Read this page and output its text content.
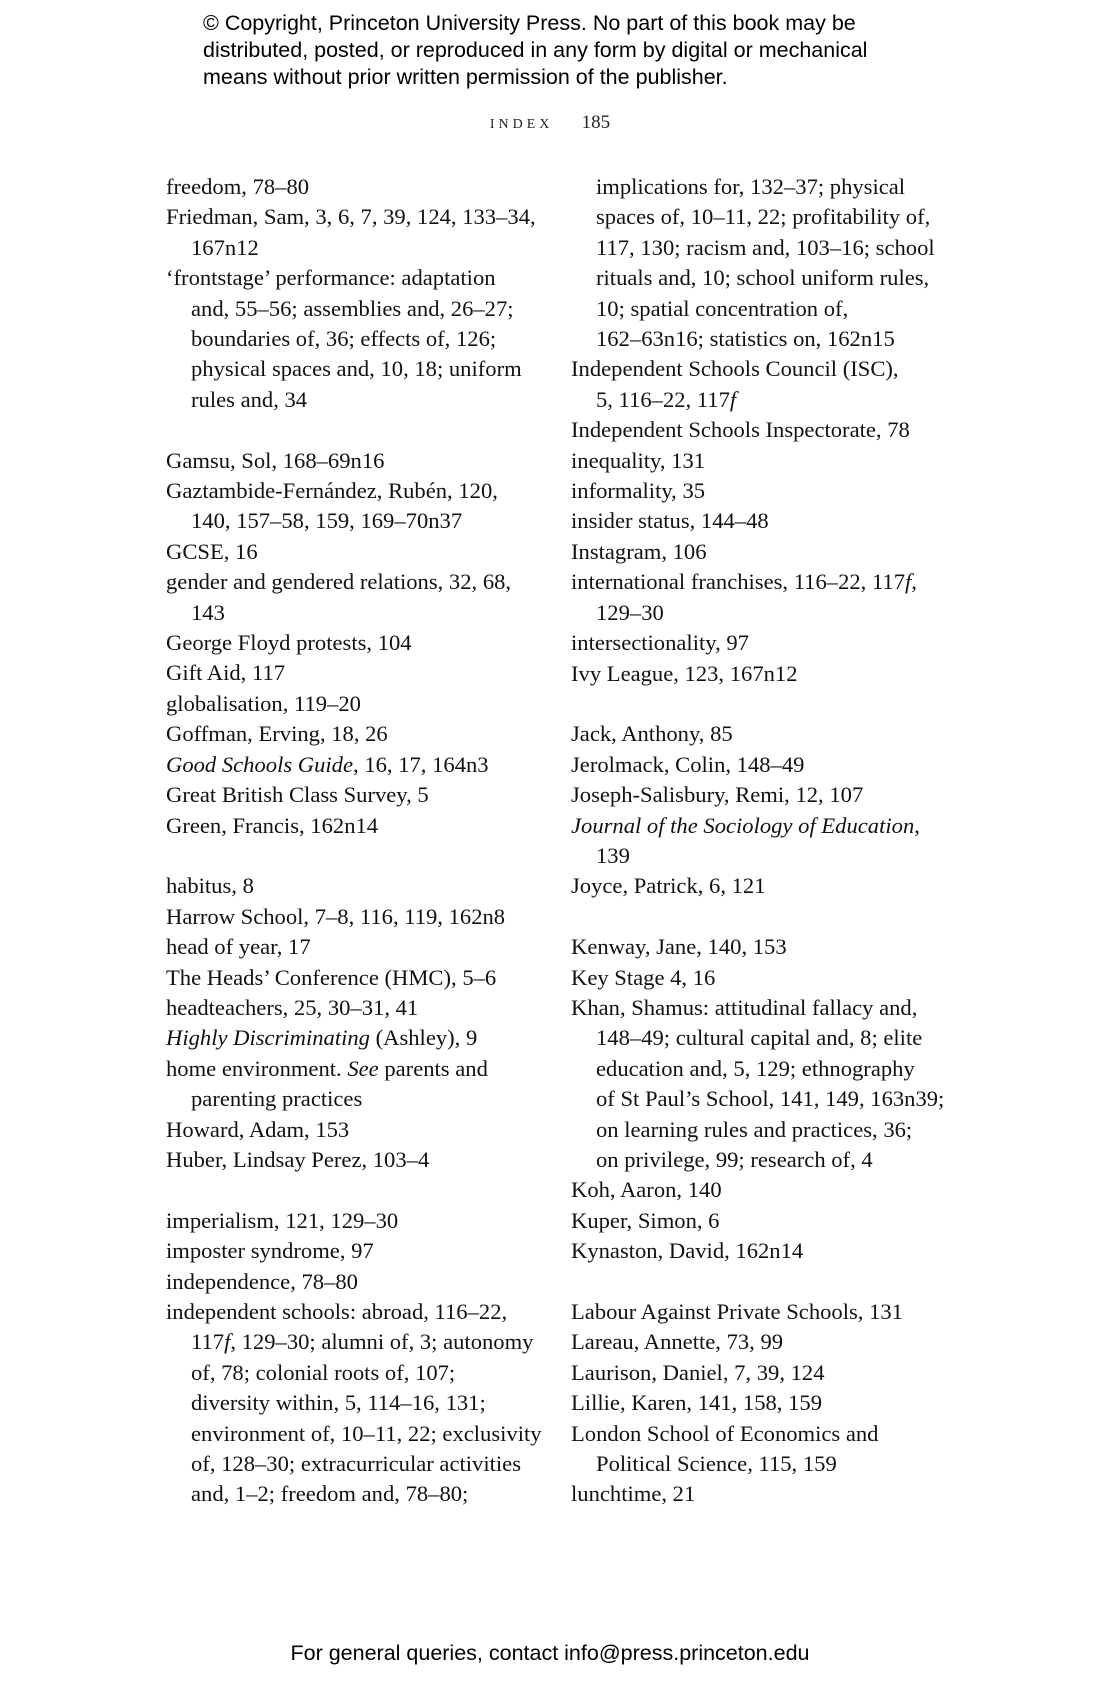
© Copyright, Princeton University Press. No part of this book may be
distributed, posted, or reproduced in any form by digital or mechanical
means without prior written permission of the publisher.
INDEX 185
freedom, 78–80
Friedman, Sam, 3, 6, 7, 39, 124, 133–34,
167n12
‘frontstage’ performance: adaptation
and, 55–56; assemblies and, 26–27;
boundaries of, 36; effects of, 126;
physical spaces and, 10, 18; uniform
rules and, 34
Gamsu, Sol, 168–69n16
Gaztambide-Fernández, Rubén, 120,
140, 157–58, 159, 169–70n37
GCSE, 16
gender and gendered relations, 32, 68,
143
George Floyd protests, 104
Gift Aid, 117
globalisation, 119–20
Goffman, Erving, 18, 26
Good Schools Guide, 16, 17, 164n3
Great British Class Survey, 5
Green, Francis, 162n14
habitus, 8
Harrow School, 7–8, 116, 119, 162n8
head of year, 17
The Heads’ Conference (HMC), 5–6
headteachers, 25, 30–31, 41
Highly Discriminating (Ashley), 9
home environment. See parents and
parenting practices
Howard, Adam, 153
Huber, Lindsay Perez, 103–4
imperialism, 121, 129–30
imposter syndrome, 97
independence, 78–80
independent schools: abroad, 116–22,
117f, 129–30; alumni of, 3; autonomy
of, 78; colonial roots of, 107;
diversity within, 5, 114–16, 131;
environment of, 10–11, 22; exclusivity
of, 128–30; extracurricular activities
and, 1–2; freedom and, 78–80;
implications for, 132–37; physical
spaces of, 10–11, 22; profitability of,
117, 130; racism and, 103–16; school
rituals and, 10; school uniform rules,
10; spatial concentration of,
162–63n16; statistics on, 162n15
Independent Schools Council (ISC),
5, 116–22, 117f
Independent Schools Inspectorate, 78
inequality, 131
informality, 35
insider status, 144–48
Instagram, 106
international franchises, 116–22, 117f,
129–30
intersectionality, 97
Ivy League, 123, 167n12
Jack, Anthony, 85
Jerolmack, Colin, 148–49
Joseph-Salisbury, Remi, 12, 107
Journal of the Sociology of Education,
139
Joyce, Patrick, 6, 121
Kenway, Jane, 140, 153
Key Stage 4, 16
Khan, Shamus: attitudinal fallacy and,
148–49; cultural capital and, 8; elite
education and, 5, 129; ethnography
of St Paul’s School, 141, 149, 163n39;
on learning rules and practices, 36;
on privilege, 99; research of, 4
Koh, Aaron, 140
Kuper, Simon, 6
Kynaston, David, 162n14
Labour Against Private Schools, 131
Lareau, Annette, 73, 99
Laurison, Daniel, 7, 39, 124
Lillie, Karen, 141, 158, 159
London School of Economics and
Political Science, 115, 159
lunchtime, 21
For general queries, contact info@press.princeton.edu
